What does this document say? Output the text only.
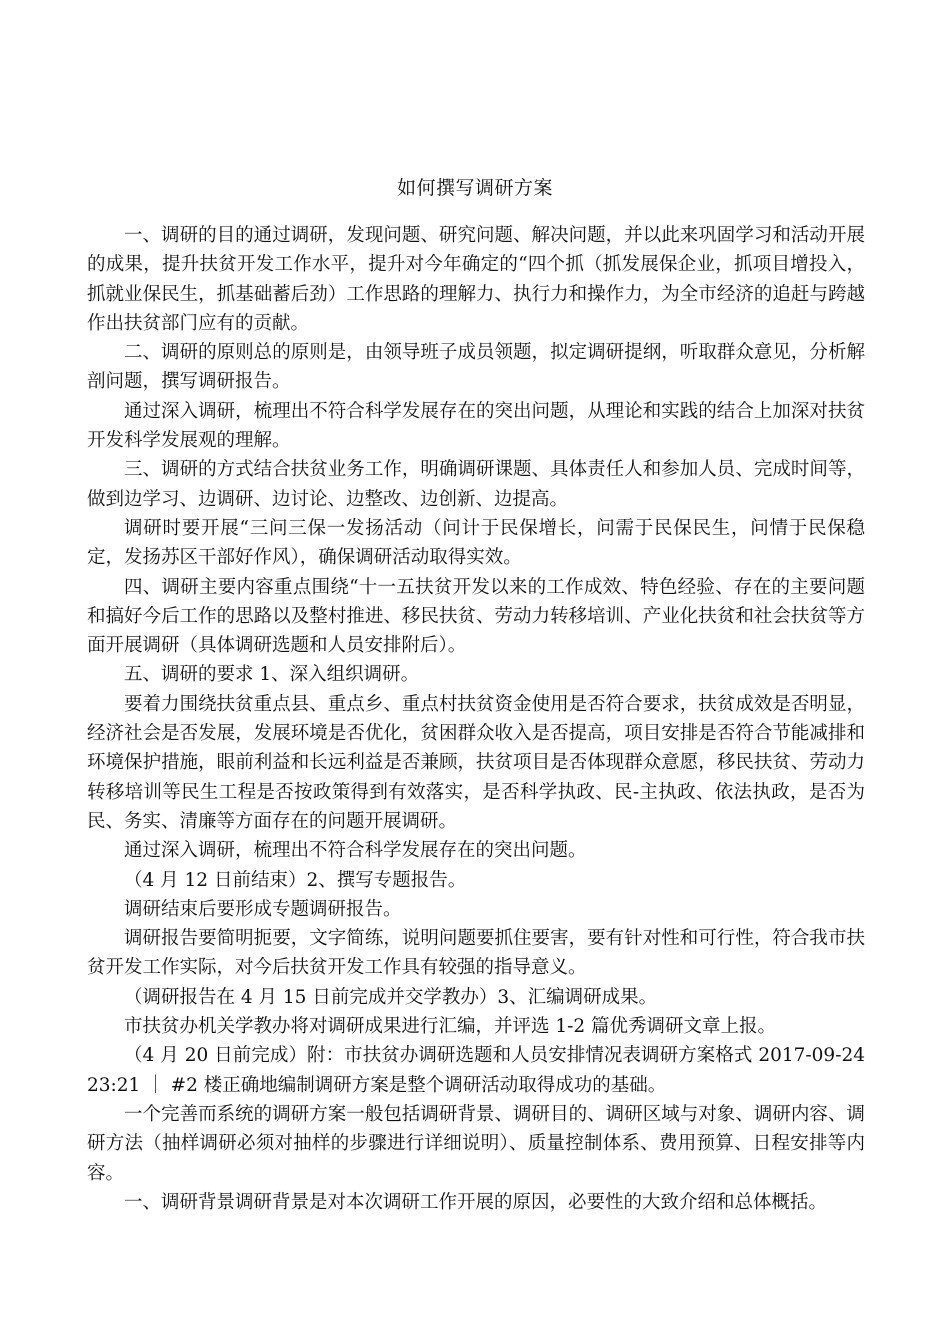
如何撰写调研方案

一、调研的目的通过调研，发现问题、研究问题、解决问题，并以此来巩固学习和活动开展的成果，提升扶贫开发工作水平，提升对今年确定的“四个抓（抓发展保企业，抓项目增投入，抓就业保民生，抓基础蓄后劲）工作思路的理解力、执行力和操作力，为全市经济的追赶与跨越作出扶贫部门应有的贡献。

二、调研的原则总的原则是，由领导班子成员领题，拟定调研提纲，听取群众意见，分析解剖问题，撰写调研报告。

通过深入调研，梳理出不符合科学发展存在的突出问题，从理论和实践的结合上加深对扶贫开发科学发展观的理解。

三、调研的方式结合扶贫业务工作，明确调研课题、具体责任人和参加人员、完成时间等，做到边学习、边调研、边讨论、边整改、边创新、边提高。

调研时要开展“三问三保一发扬活动（问计于民保增长，问需于民保民生，问情于民保稳定，发扬苏区干部好作风），确保调研活动取得实效。

四、调研主要内容重点围绕“十一五扶贫开发以来的工作成效、特色经验、存在的主要问题和搞好今后工作的思路以及整村推进、移民扶贫、劳动力转移培训、产业化扶贫和社会扶贫等方面开展调研（具体调研选题和人员安排附后）。

五、调研的要求 1、深入组织调研。

要着力围绕扶贫重点县、重点乡、重点村扶贫资金使用是否符合要求，扶贫成效是否明显，经济社会是否发展，发展环境是否优化，贫困群众收入是否提高，项目安排是否符合节能减排和环境保护措施，眼前利益和长远利益是否兼顾，扶贫项目是否体现群众意愿，移民扶贫、劳动力转移培训等民生工程是否按政策得到有效落实，是否科学执政、民-主执政、依法执政，是否为民、务实、清廉等方面存在的问题开展调研。

通过深入调研，梳理出不符合科学发展存在的突出问题。

（4 月 12 日前结束）2、撰写专题报告。

调研结束后要形成专题调研报告。

调研报告要简明扼要，文字简练，说明问题要抓住要害，要有针对性和可行性，符合我市扶贫开发工作实际，对今后扶贫开发工作具有较强的指导意义。

（调研报告在 4 月 15 日前完成并交学教办）3、汇编调研成果。

市扶贫办机关学教办将对调研成果进行汇编，并评选 1-2 篇优秀调研文章上报。

（4 月 20 日前完成）附：市扶贫办调研选题和人员安排情况表调研方案格式 2017-09-24 23:21 ｜ #2 楼正确地编制调研方案是整个调研活动取得成功的基础。

一个完善而系统的调研方案一般包括调研背景、调研目的、调研区域与对象、调研内容、调研方法（抽样调研必须对抽样的步骤进行详细说明）、质量控制体系、费用预算、日程安排等内容。

一、调研背景调研背景是对本次调研工作开展的原因，必要性的大致介绍和总体概括。
